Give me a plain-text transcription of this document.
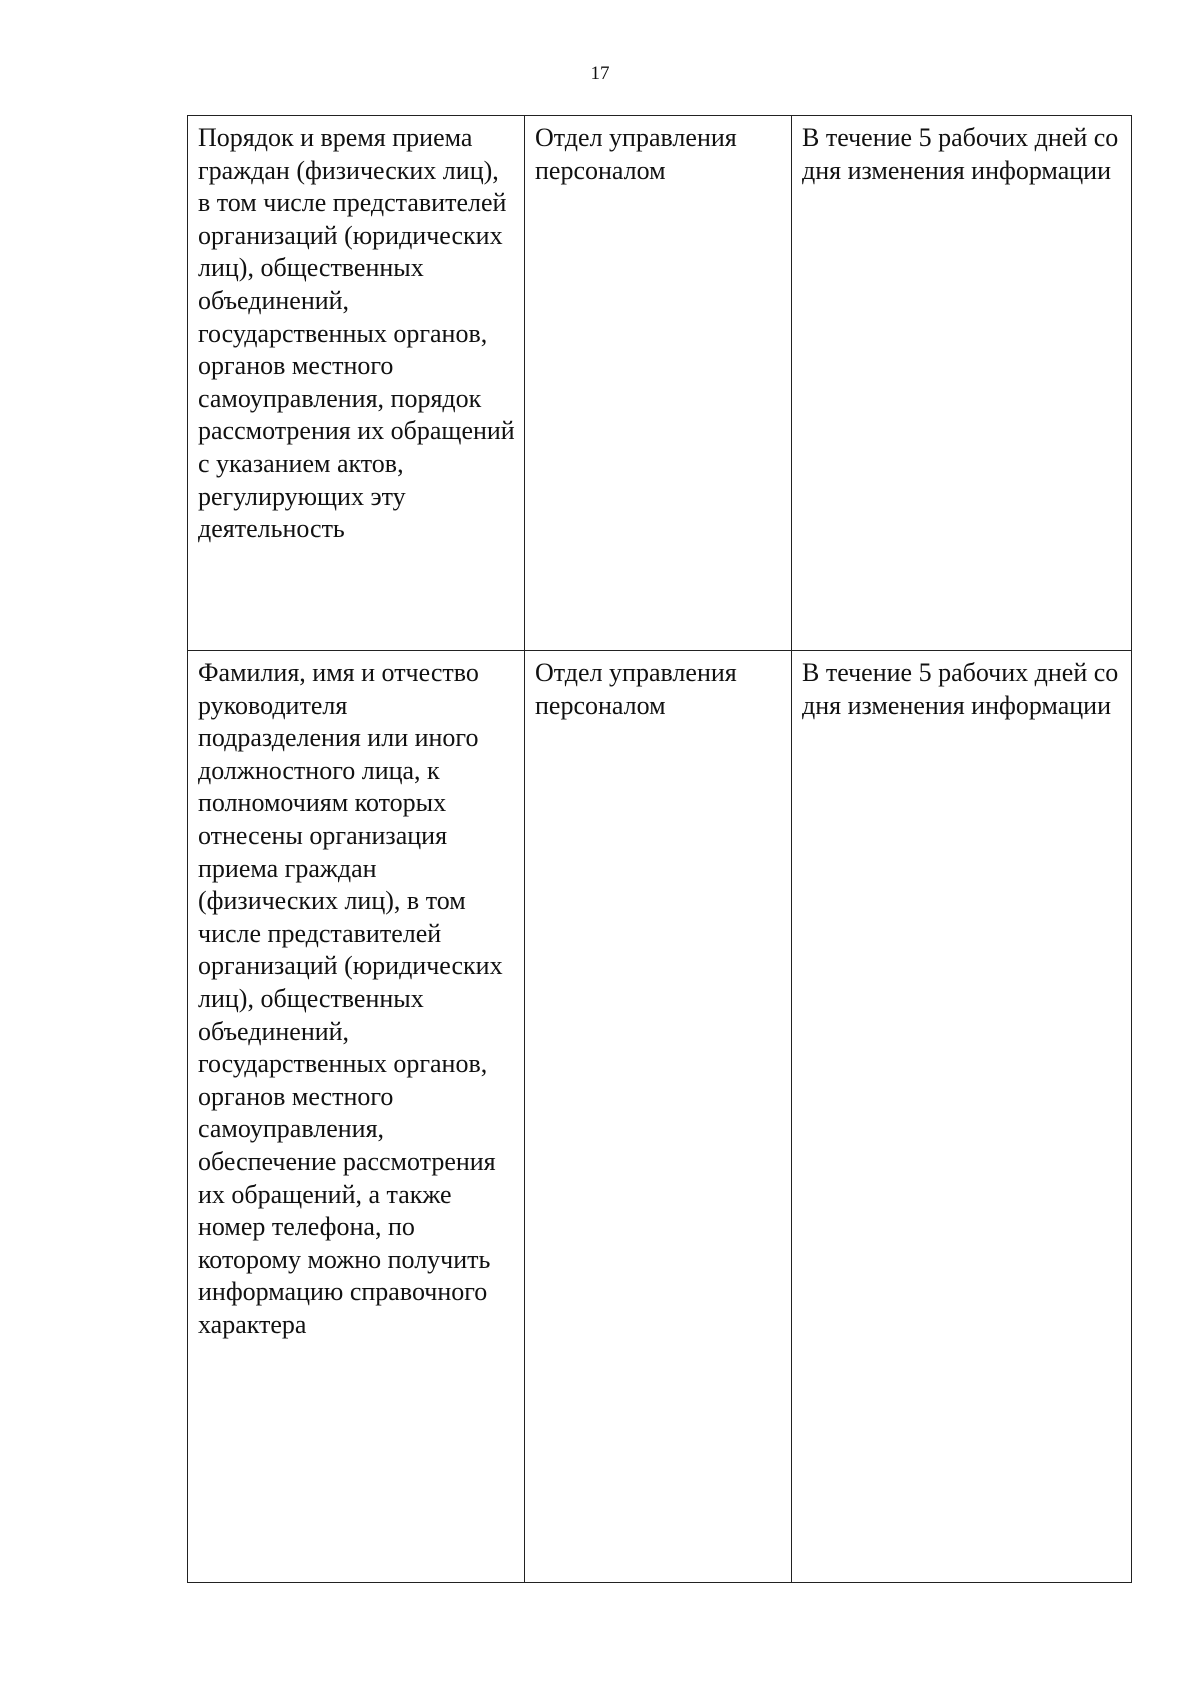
17
Порядок и время приема граждан (физических лиц), в том числе представителей организаций (юридических лиц), общественных объединений, государственных органов, органов местного самоуправления, порядок рассмотрения их обращений с указанием актов, регулирующих эту деятельность	Отдел управления персоналом	В течение 5 рабочих дней со дня изменения информации

Фамилия, имя и отчество руководителя подразделения или иного должностного лица, к полномочиям которых отнесены организация приема граждан (физических лиц), в том числе представителей организаций (юридических лиц), общественных объединений, государственных органов, органов местного самоуправления, обеспечение рассмотрения их обращений, а также номер телефона, по которому можно получить информацию справочного характера	Отдел управления персоналом	В течение 5 рабочих дней со дня изменения информации
